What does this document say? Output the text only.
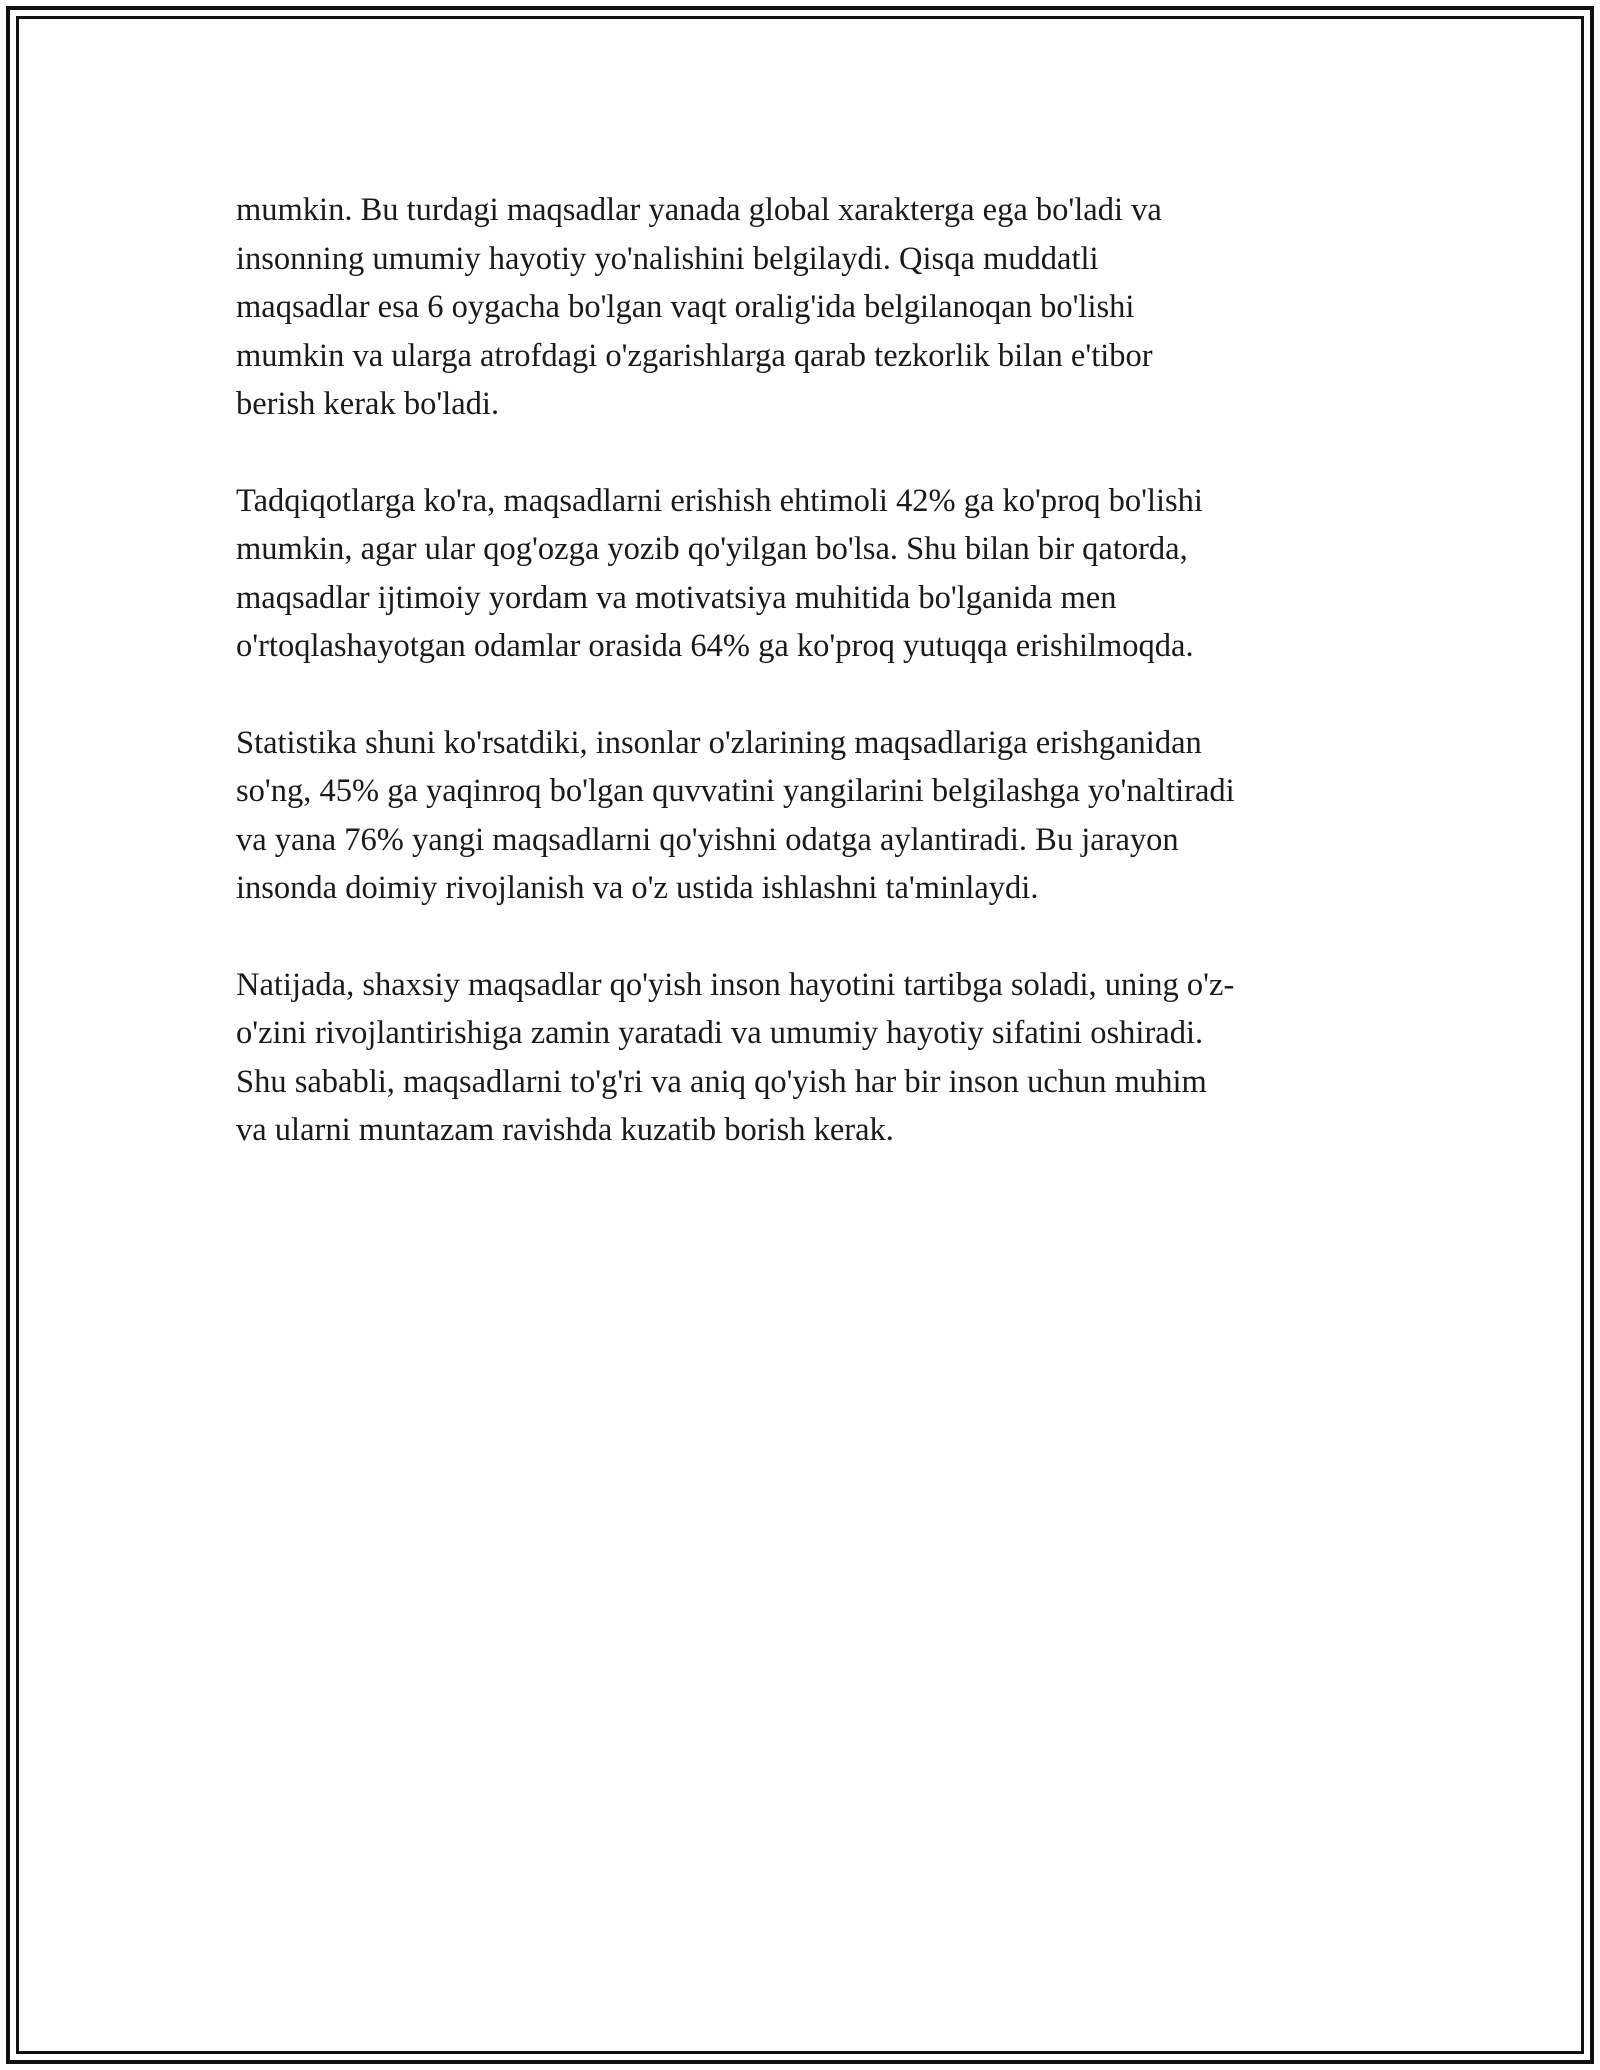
mumkin. Bu turdagi maqsadlar yanada global xarakterga ega bo'ladi va
insonning umumiy hayotiy yo'nalishini belgilaydi. Qisqa muddatli
maqsadlar esa 6 oygacha bo'lgan vaqt oralig'ida belgilanoqan bo'lishi
mumkin va ularga atrofdagi o'zgarishlarga qarab tezkorlik bilan e'tibor
berish kerak bo'ladi.

Tadqiqotlarga ko'ra, maqsadlarni erishish ehtimoli 42% ga ko'proq bo'lishi
mumkin, agar ular qog'ozga yozib qo'yilgan bo'lsa. Shu bilan bir qatorda,
maqsadlar ijtimoiy yordam va motivatsiya muhitida bo'lganida men
o'rtoqlashayotgan odamlar orasida 64% ga ko'proq yutuqqa erishilmoqda.

Statistika shuni ko'rsatdiki, insonlar o'zlarining maqsadlariga erishganidan
so'ng, 45% ga yaqinroq bo'lgan quvvatini yangilarini belgilashga yo'naltiradi
va yana 76% yangi maqsadlarni qo'yishni odatga aylantiradi. Bu jarayon
insonda doimiy rivojlanish va o'z ustida ishlashni ta'minlaydi.

Natijada, shaxsiy maqsadlar qo'yish inson hayotini tartibga soladi, uning o'z-
o'zini rivojlantirishiga zamin yaratadi va umumiy hayotiy sifatini oshiradi.
Shu sababli, maqsadlarni to'g'ri va aniq qo'yish har bir inson uchun muhim
va ularni muntazam ravishda kuzatib borish kerak.
